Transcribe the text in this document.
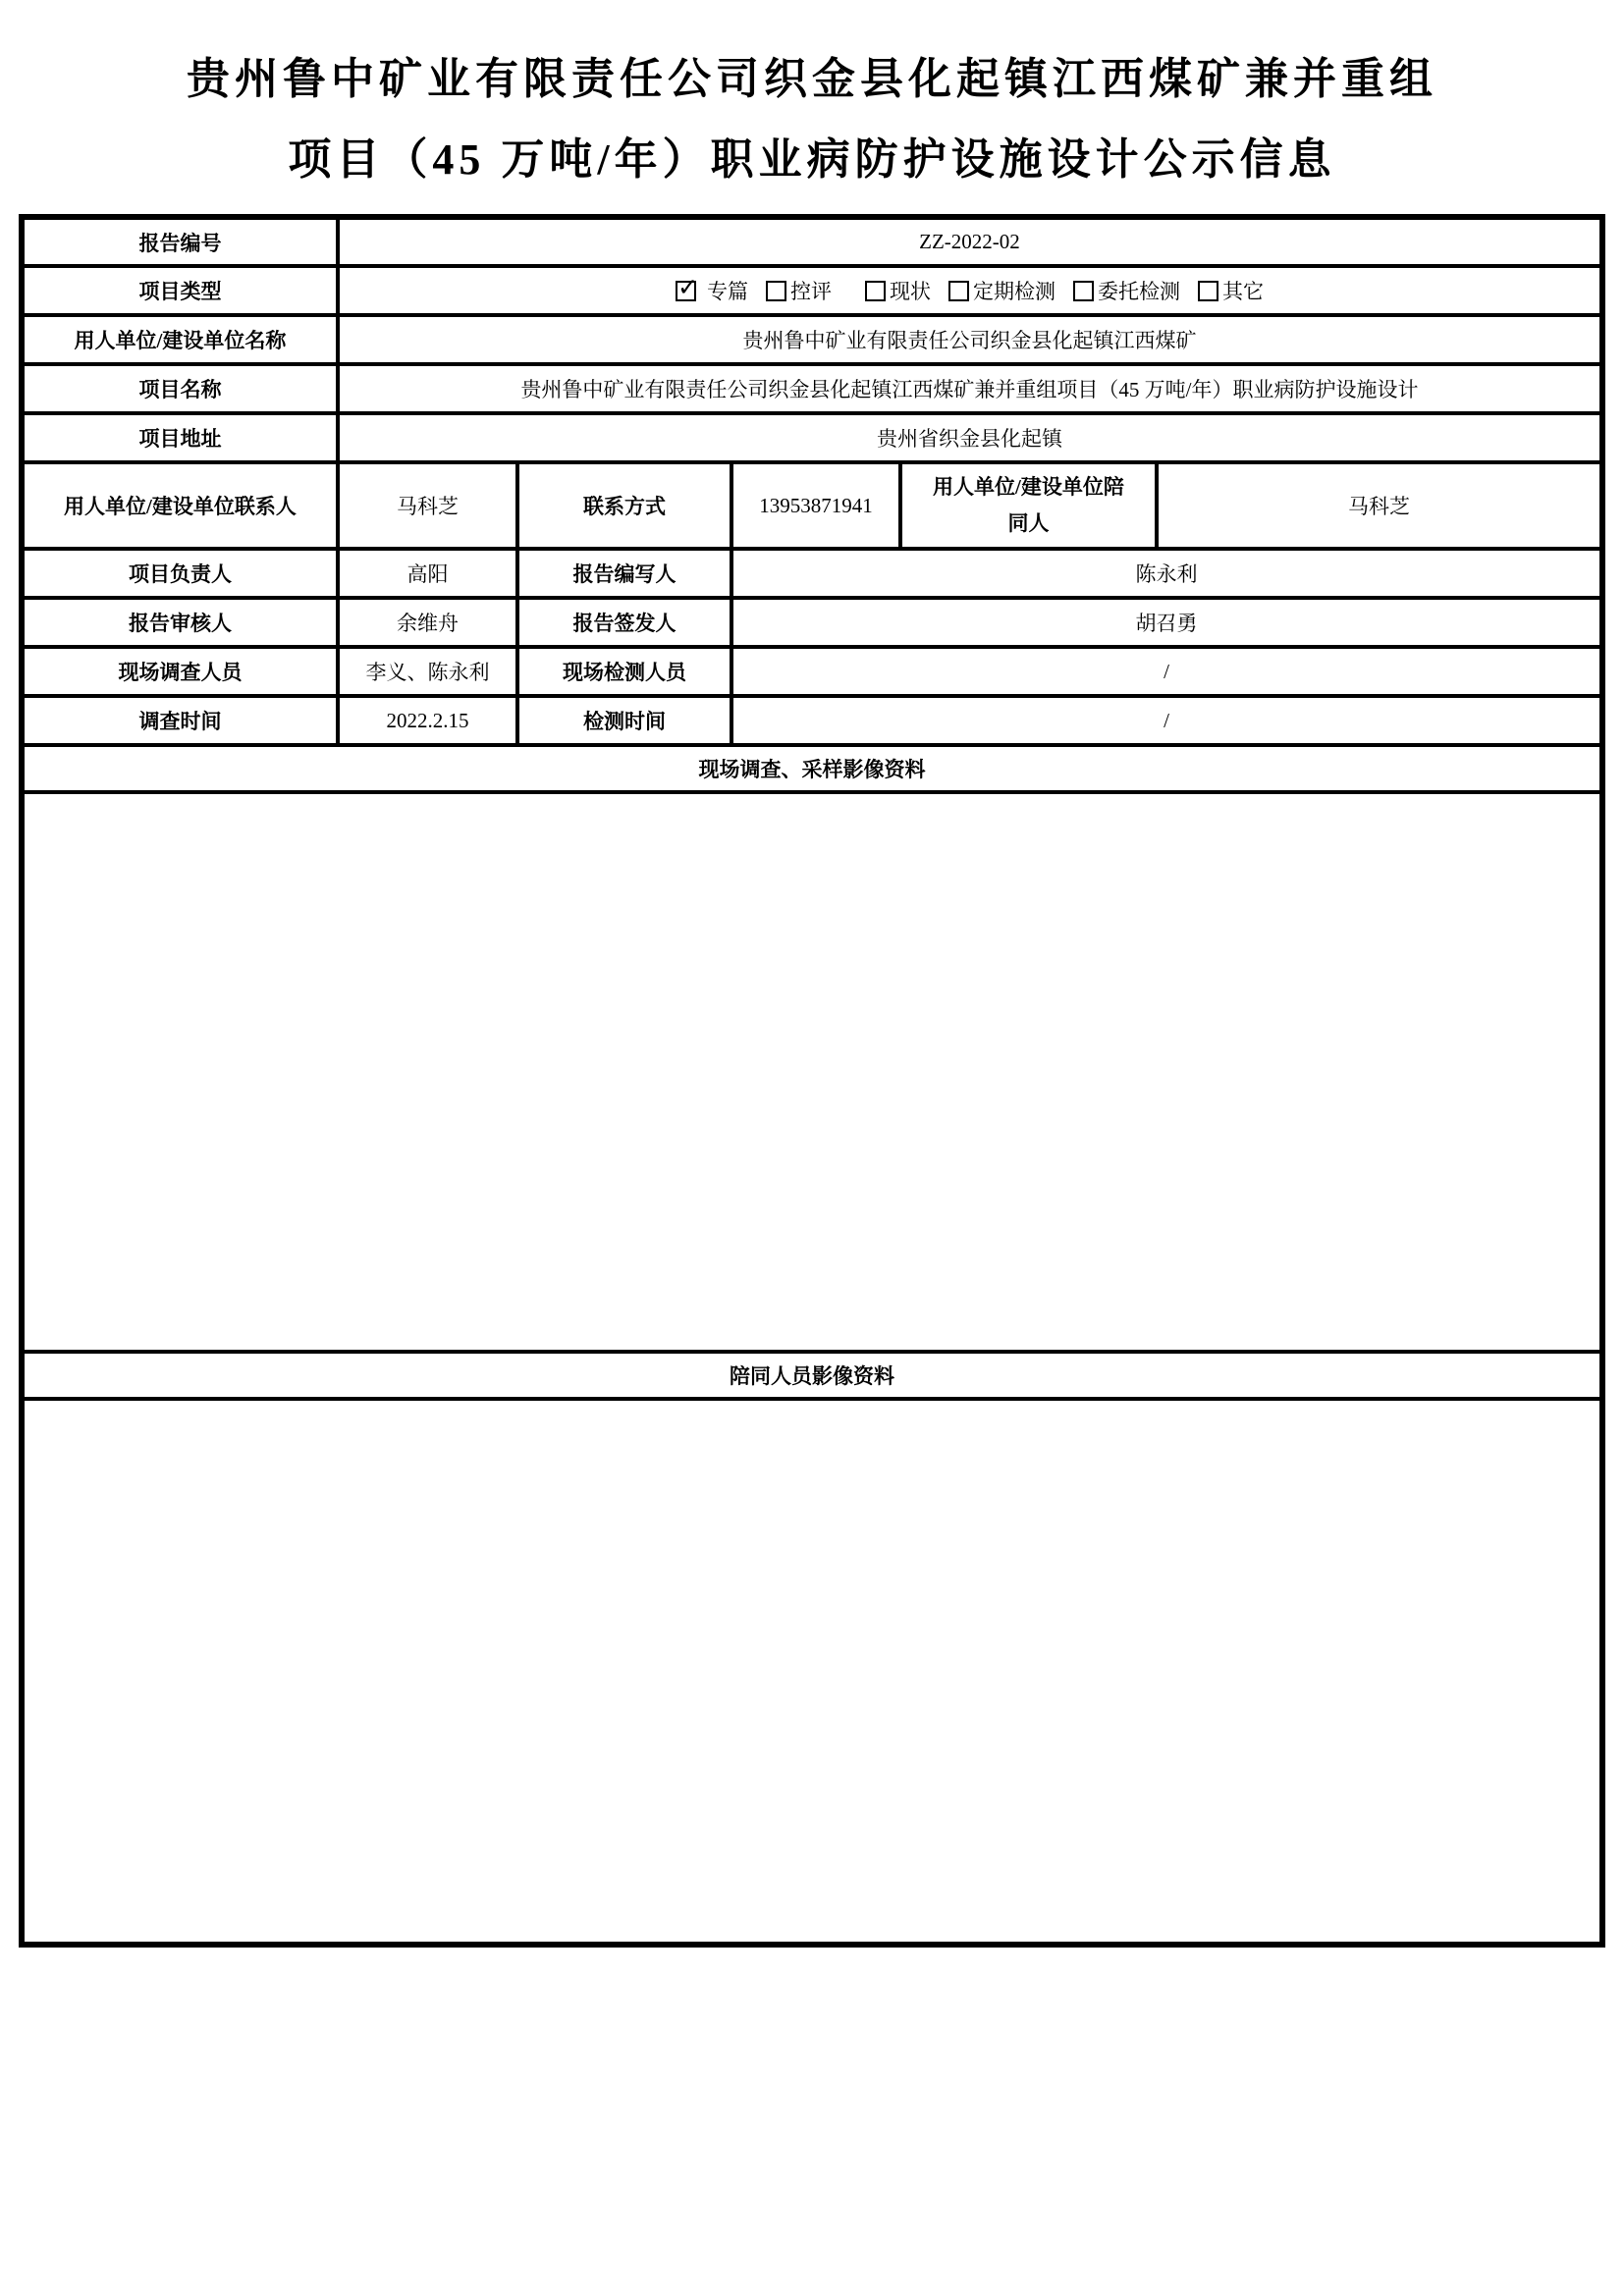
贵州鲁中矿业有限责任公司织金县化起镇江西煤矿兼并重组
项目（45 万吨/年）职业病防护设施设计公示信息
报告编号	ZZ-2022-02				
项目类型	✓ 专篇 控评	现状 定期检测 委托检测 其它

用人单位/建设单位名称	贵州鲁中矿业有限责任公司织金县化起镇江西煤矿				
项目名称	贵州鲁中矿业有限责任公司织金县化起镇江西煤矿兼并重组项目（45 万吨/年）职业病防护设施设计				
项目地址	贵州省织金县化起镇				
用人单位/建设单位联系人	马科芝	联系方式	13953871941	用人单位/建设单位陪同人	马科芝
项目负责人	高阳	报告编写人	陈永利		
报告审核人	余维舟	报告签发人	胡召勇		
现场调查人员	李义、陈永利	现场检测人员	/		
调查时间	2022.2.15	检测时间	/		
现场调查、采样影像资料					

陪同人员影像资料					
